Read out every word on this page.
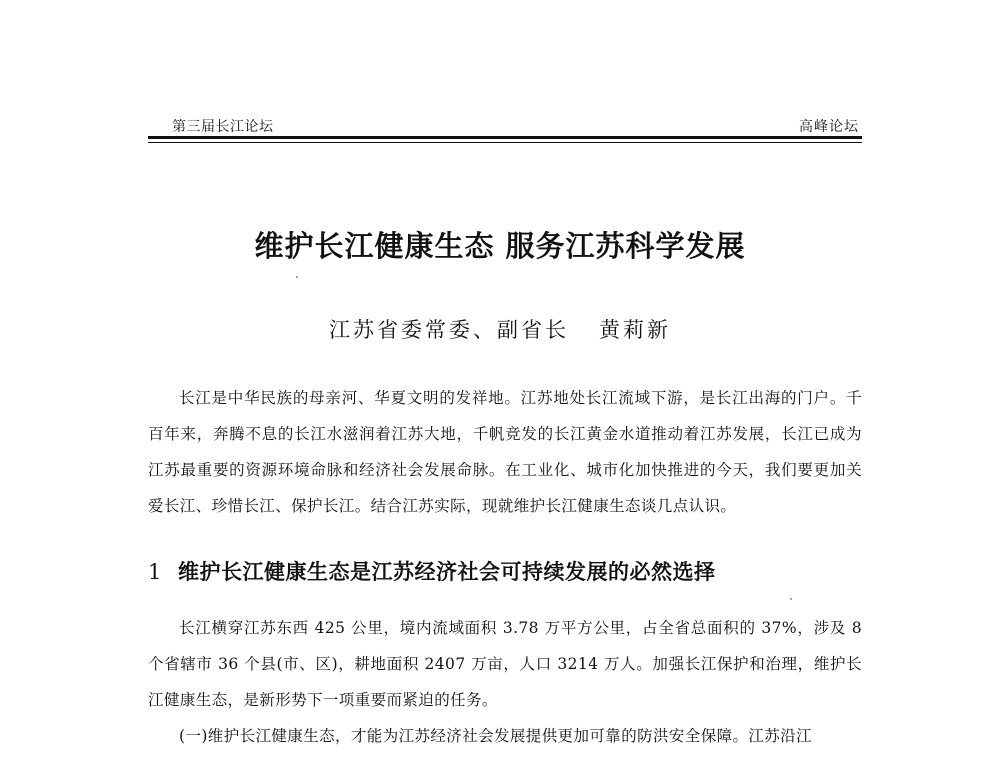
第三届长江论坛	高峰论坛
维护长江健康生态 服务江苏科学发展
江苏省委常委、副省长 黄莉新

长江是中华民族的母亲河、华夏文明的发祥地。江苏地处长江流域下游，是长江出海的门户。千百年来，奔腾不息的长江水滋润着江苏大地，千帆竞发的长江黄金水道推动着江苏发展，长江已成为江苏最重要的资源环境命脉和经济社会发展命脉。在工业化、城市化加快推进的今天，我们要更加关爱长江、珍惜长江、保护长江。结合江苏实际，现就维护长江健康生态谈几点认识。

1 维护长江健康生态是江苏经济社会可持续发展的必然选择

长江横穿江苏东西 425 公里，境内流域面积 3.78 万平方公里，占全省总面积的 37%，涉及 8 个省辖市 36 个县(市、区)，耕地面积 2407 万亩，人口 3214 万人。加强长江保护和治理，维护长江健康生态，是新形势下一项重要而紧迫的任务。

(一)维护长江健康生态，才能为江苏经济社会发展提供更加可靠的防洪安全保障。江苏沿江
